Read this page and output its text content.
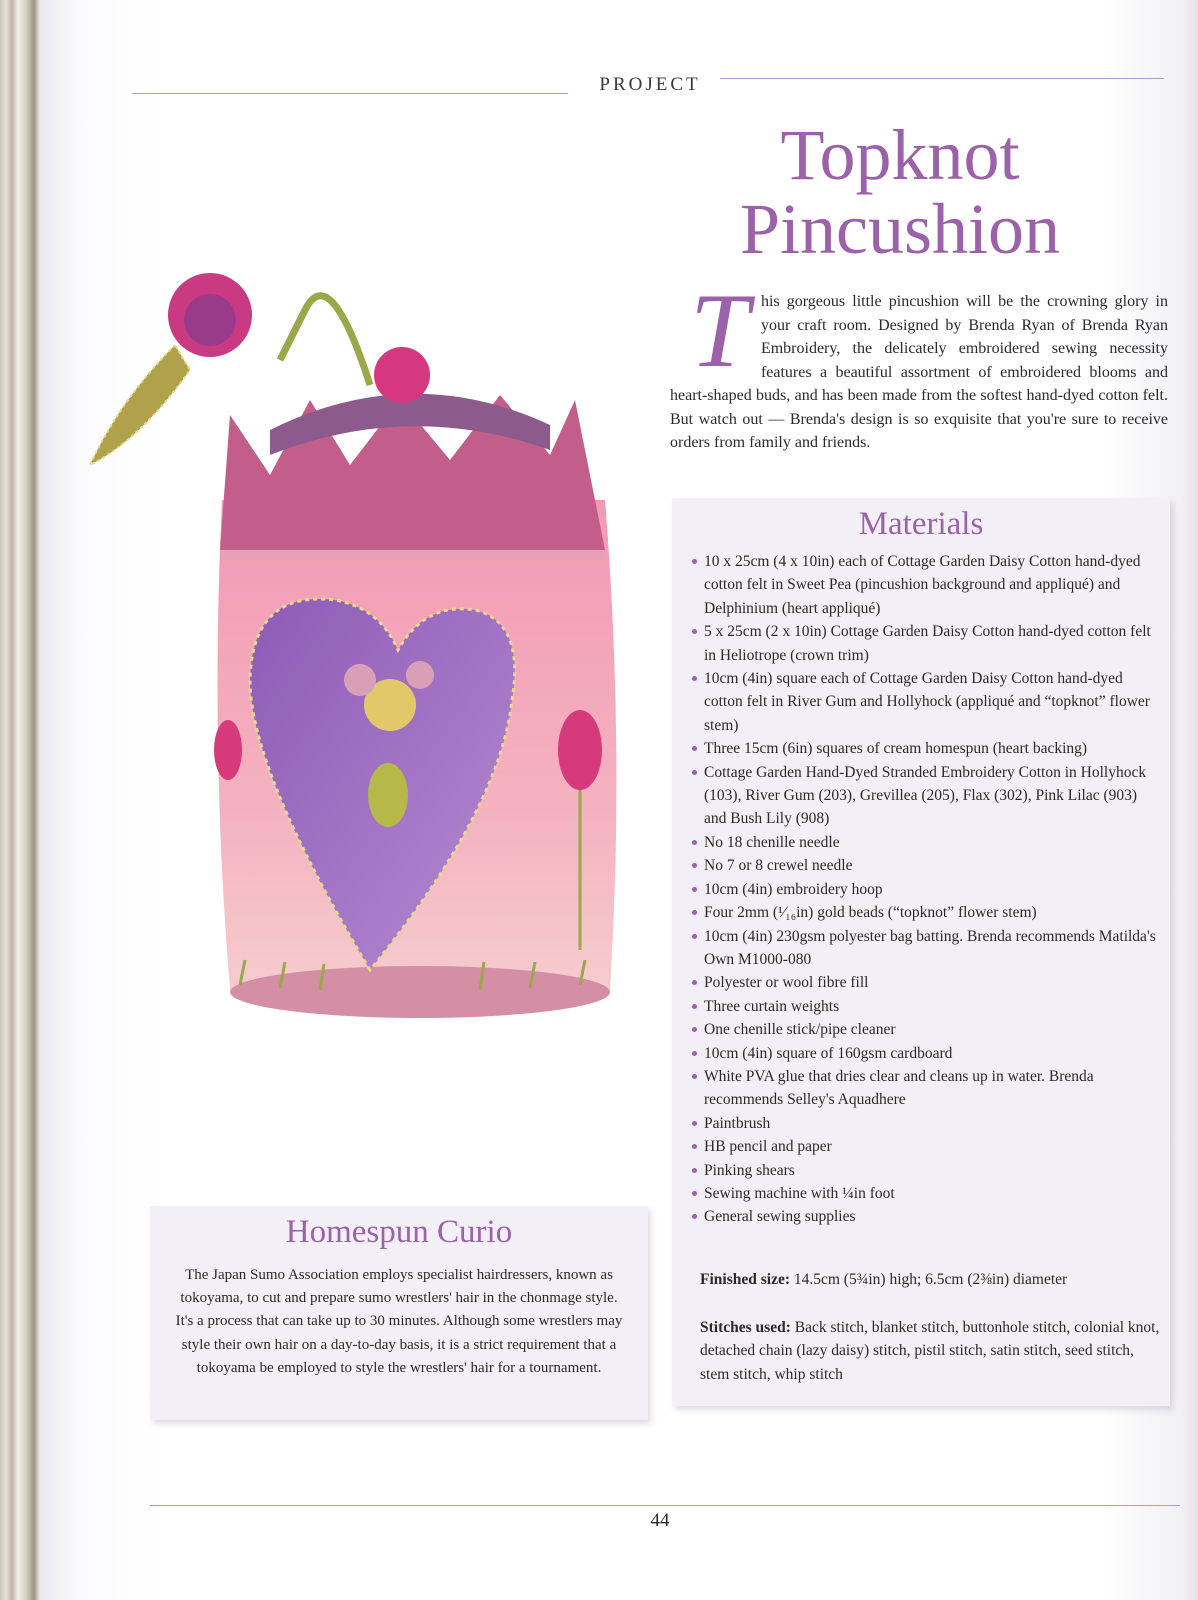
PROJECT
Topknot
Pincushion
T his gorgeous little pincushion will be the crowning glory in your craft room. Designed by Brenda Ryan of Brenda Ryan Embroidery, the delicately embroidered sewing necessity features a beautiful assortment of embroidered blooms and heart-shaped buds, and has been made from the softest hand-dyed cotton felt. But watch out — Brenda's design is so exquisite that you're sure to receive orders from family and friends.
Materials
10 x 25cm (4 x 10in) each of Cottage Garden Daisy Cotton hand-dyed cotton felt in Sweet Pea (pincushion background and appliqué) and Delphinium (heart appliqué)
5 x 25cm (2 x 10in) Cottage Garden Daisy Cotton hand-dyed cotton felt in Heliotrope (crown trim)
10cm (4in) square each of Cottage Garden Daisy Cotton hand-dyed cotton felt in River Gum and Hollyhock (appliqué and “topknot” flower stem)
Three 15cm (6in) squares of cream homespun (heart backing)
Cottage Garden Hand-Dyed Stranded Embroidery Cotton in Hollyhock (103), River Gum (203), Grevillea (205), Flax (302), Pink Lilac (903) and Bush Lily (908)
No 18 chenille needle
No 7 or 8 crewel needle
10cm (4in) embroidery hoop
Four 2mm (¹⁄₁₆in) gold beads (“topknot” flower stem)
10cm (4in) 230gsm polyester bag batting. Brenda recommends Matilda's Own M1000-080
Polyester or wool fibre fill
Three curtain weights
One chenille stick/pipe cleaner
10cm (4in) square of 160gsm cardboard
White PVA glue that dries clear and cleans up in water. Brenda recommends Selley's Aquadhere
Paintbrush
HB pencil and paper
Pinking shears
Sewing machine with ¼in foot
General sewing supplies
Finished size: 14.5cm (5¾in) high; 6.5cm (2⅜in) diameter
Stitches used: Back stitch, blanket stitch, buttonhole stitch, colonial knot, detached chain (lazy daisy) stitch, pistil stitch, satin stitch, seed stitch, stem stitch, whip stitch
Homespun Curio
The Japan Sumo Association employs specialist hairdressers, known as tokoyama, to cut and prepare sumo wrestlers' hair in the chonmage style. It's a process that can take up to 30 minutes. Although some wrestlers may style their own hair on a day-to-day basis, it is a strict requirement that a tokoyama be employed to style the wrestlers' hair for a tournament.
44
